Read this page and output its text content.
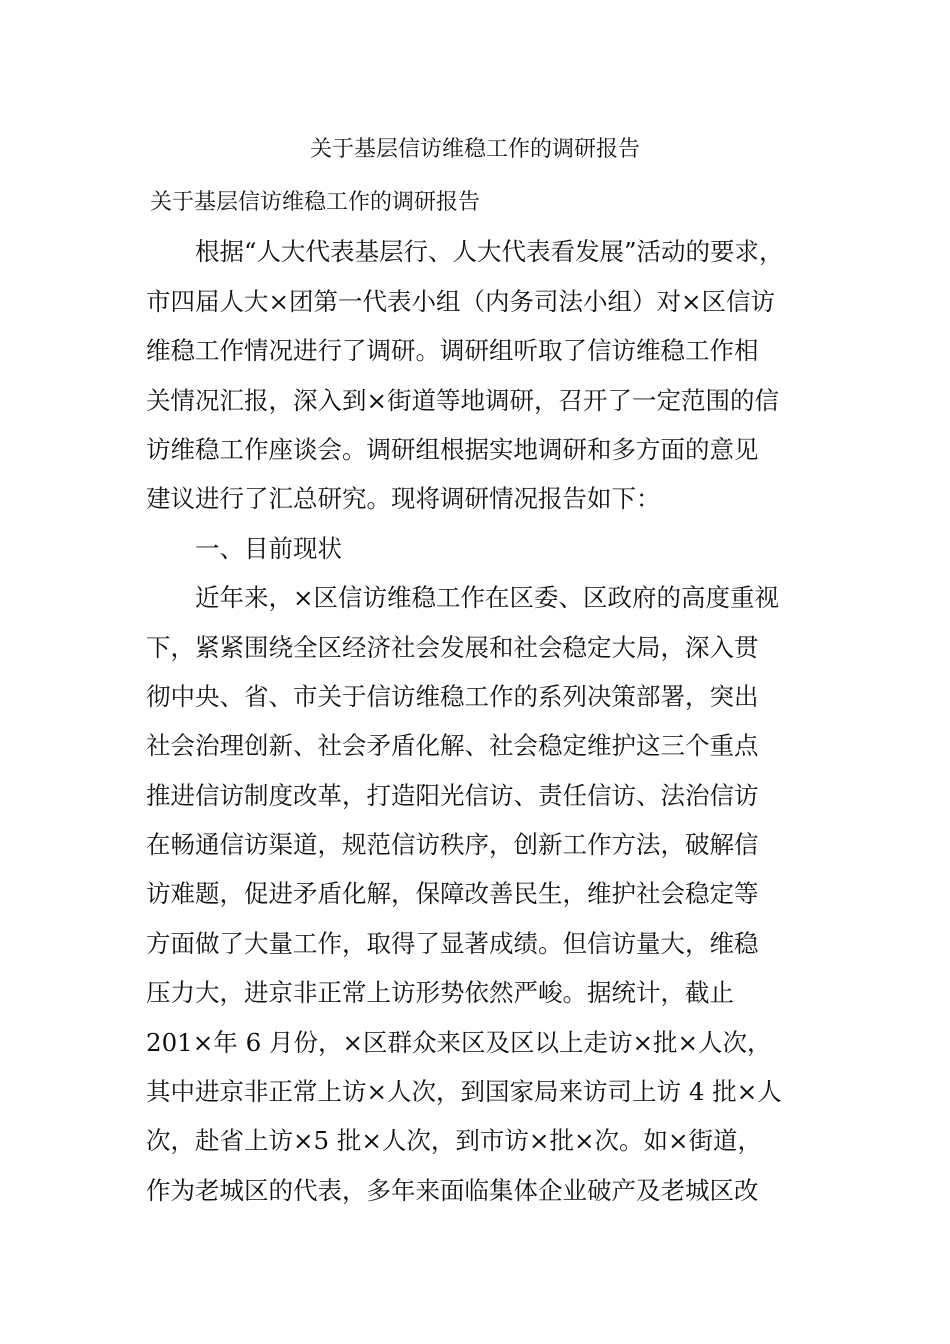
关于基层信访维稳工作的调研报告
关于基层信访维稳工作的调研报告
根据“人大代表基层行、人大代表看发展”活动的要求，
市四届人大×团第一代表小组（内务司法小组）对×区信访
维稳工作情况进行了调研。调研组听取了信访维稳工作相
关情况汇报，深入到×街道等地调研，召开了一定范围的信
访维稳工作座谈会。调研组根据实地调研和多方面的意见
建议进行了汇总研究。现将调研情况报告如下：
一、目前现状
近年来，×区信访维稳工作在区委、区政府的高度重视
下，紧紧围绕全区经济社会发展和社会稳定大局，深入贯
彻中央、省、市关于信访维稳工作的系列决策部署，突出
社会治理创新、社会矛盾化解、社会稳定维护这三个重点
推进信访制度改革，打造阳光信访、责任信访、法治信访
在畅通信访渠道，规范信访秩序，创新工作方法，破解信
访难题，促进矛盾化解，保障改善民生，维护社会稳定等
方面做了大量工作，取得了显著成绩。但信访量大，维稳
压力大，进京非正常上访形势依然严峻。据统计，截止
201×年 6 月份，×区群众来区及区以上走访×批×人次，
其中进京非正常上访×人次，到国家局来访司上访 4 批×人
次，赴省上访×5 批×人次，到市访×批×次。如×街道，
作为老城区的代表，多年来面临集体企业破产及老城区改
